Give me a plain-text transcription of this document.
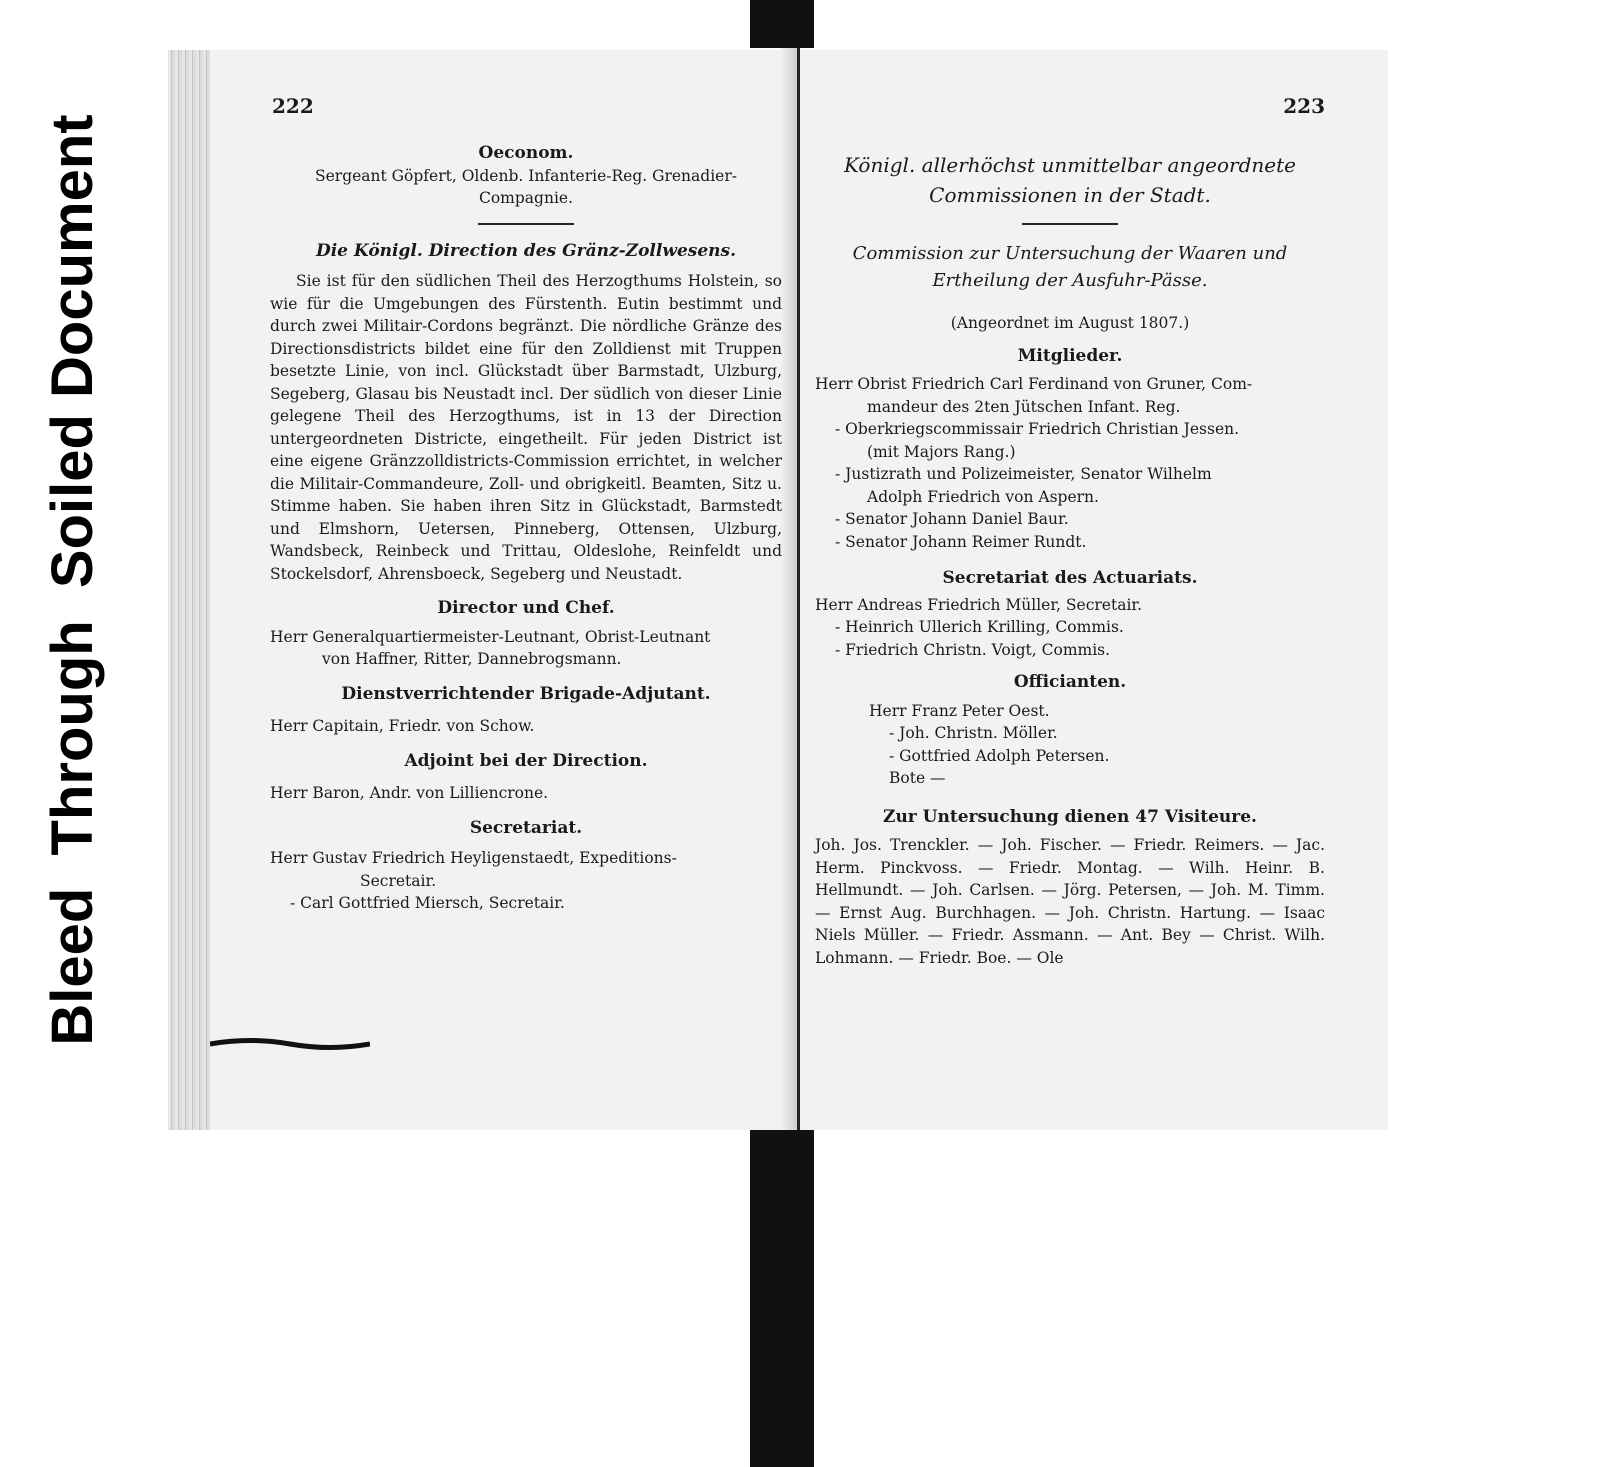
Bleed  Through  Soiled Document
222
Oeconom.

Sergeant Göpfert, Oldenb. Infanterie-Reg. Grenadier-

Compagnie.

Die Königl. Direction des Gränz-Zollwesens.

Sie ist für den südlichen Theil des Herzogthums Holstein, so wie für die Umgebungen des Fürstenth. Eutin bestimmt und durch zwei Militair-Cordons begränzt. Die nördliche Gränze des Directionsdistricts bildet eine für den Zolldienst mit Truppen besetzte Linie, von incl. Glückstadt über Barmstadt, Ulzburg, Segeberg, Glasau bis Neustadt incl. Der südlich von dieser Linie gelegene Theil des Herzogthums, ist in 13 der Direction untergeordneten Districte, eingetheilt. Für jeden District ist eine eigene Gränzzolldistricts-Commission errichtet, in welcher die Militair-Commandeure, Zoll- und obrigkeitl. Beamten, Sitz u. Stimme haben. Sie haben ihren Sitz in Glückstadt, Barmstedt und Elmshorn, Uetersen, Pinneberg, Ottensen, Ulzburg, Wandsbeck, Reinbeck und Trittau, Oldeslohe, Reinfeldt und Stockelsdorf, Ahrensboeck, Segeberg und Neustadt.

Director und Chef.

Herr Generalquartiermeister-Leutnant, Obrist-Leutnant

von Haffner, Ritter, Dannebrogsmann.

Dienstverrichtender Brigade-Adjutant.

Herr Capitain, Friedr. von Schow.

Adjoint bei der Direction.

Herr Baron, Andr. von Lilliencrone.

Secretariat.

Herr Gustav Friedrich Heyligenstaedt, Expeditions-

Secretair.

- Carl Gottfried Miersch, Secretair.

223
Königl. allerhöchst unmittelbar angeordnete
Commissionen in der Stadt.
Commission zur Untersuchung der Waaren und
Ertheilung der Ausfuhr-Pässe.

(Angeordnet im August 1807.)

Mitglieder.

Herr Obrist Friedrich Carl Ferdinand von Gruner, Com-

mandeur des 2ten Jütschen Infant. Reg.

- Oberkriegscommissair Friedrich Christian Jessen.

(mit Majors Rang.)

- Justizrath und Polizeimeister, Senator Wilhelm

Adolph Friedrich von Aspern.

- Senator Johann Daniel Baur.

- Senator Johann Reimer Rundt.

Secretariat des Actuariats.

Herr Andreas Friedrich Müller, Secretair.

- Heinrich Ullerich Krilling, Commis.

- Friedrich Christn. Voigt, Commis.

Officianten.

Herr Franz Peter Oest.

- Joh. Christn. Möller.

- Gottfried Adolph Petersen.

Bote —

Zur Untersuchung dienen 47 Visiteure.

Joh. Jos. Trenckler. — Joh. Fischer. — Friedr. Reimers. — Jac. Herm. Pinckvoss. — Friedr. Montag. — Wilh. Heinr. B. Hellmundt. — Joh. Carlsen. — Jörg. Petersen, — Joh. M. Timm. — Ernst Aug. Burchhagen. — Joh. Christn. Hartung. — Isaac Niels Müller. — Friedr. Assmann. — Ant. Bey — Christ. Wilh. Lohmann. — Friedr. Boe. — Ole
